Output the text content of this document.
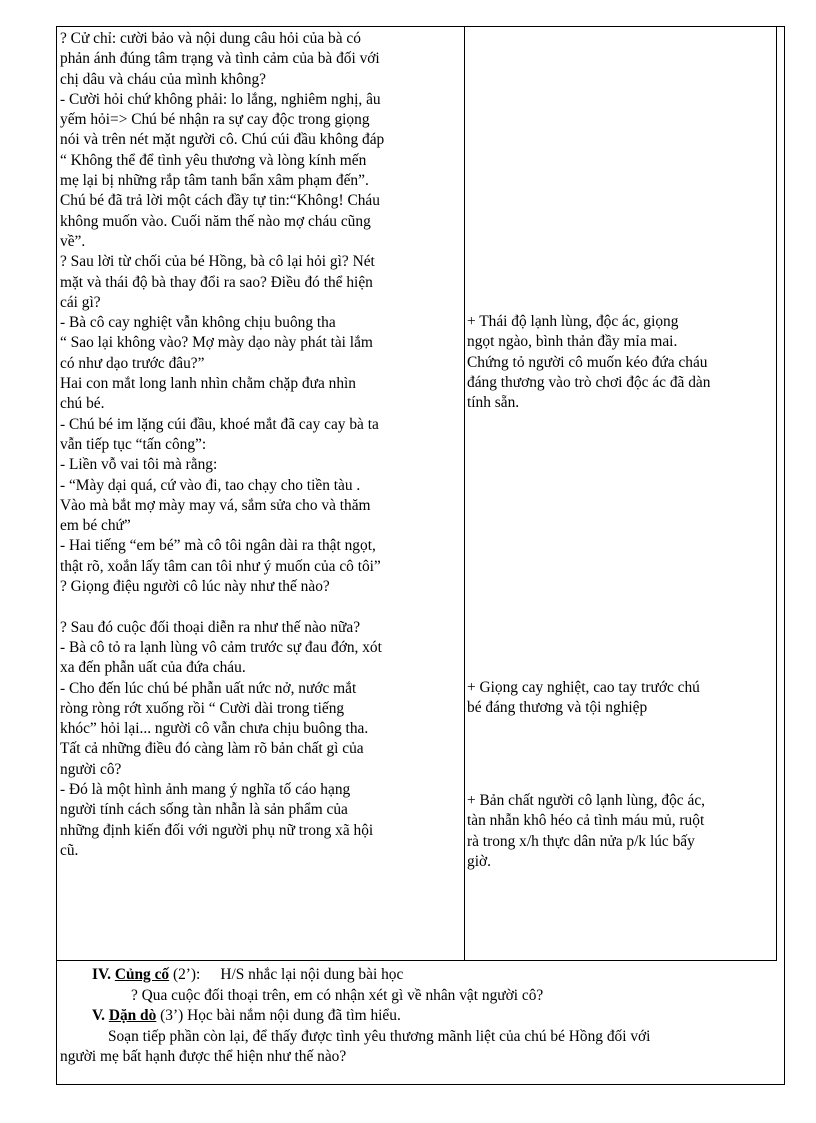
? Cử chỉ: cười bảo và nội dung câu hỏi của bà có

phản ánh đúng tâm trạng và tình cảm của bà đối với

chị dâu và cháu của mình không?

- Cười hỏi chứ không phải: lo lắng, nghiêm nghị, âu

yếm hỏi=> Chú bé nhận ra sự cay độc trong giọng

nói và trên nét mặt người cô. Chú cúi đầu không đáp

“ Không thể để tình yêu thương và lòng kính mến

mẹ lại bị những rắp tâm tanh bẩn xâm phạm đến”.

Chú bé đã trả lời một cách đầy tự tin:“Không! Cháu

không muốn vào. Cuối năm thế nào mợ cháu cũng

về”.

? Sau lời từ chối của bé Hồng, bà cô lại hỏi gì? Nét

mặt và thái độ bà thay đổi ra sao? Điều đó thể hiện

cái gì?

- Bà cô cay nghiệt vẫn không chịu buông tha

“ Sao lại không vào? Mợ mày dạo này phát tài lắm

có như dạo trước đâu?”

Hai con mắt long lanh nhìn chằm chặp đưa nhìn

chú bé.

- Chú bé im lặng cúi đầu, khoé mắt đã cay cay bà ta

vẫn tiếp tục “tấn công”:

- Liền vỗ vai tôi mà rằng:

- “Mày dại quá, cứ vào đi, tao chạy cho tiền tàu .

Vào mà bắt mợ mày may vá, sắm sửa cho và thăm

em bé chứ”

- Hai tiếng “em bé” mà cô tôi ngân dài ra thật ngọt,

thật rõ, xoắn lấy tâm can tôi như ý muốn của cô tôi”

? Giọng điệu người cô lúc này như thế nào?

? Sau đó cuộc đối thoại diễn ra như thế nào nữa?

- Bà cô tỏ ra lạnh lùng vô cảm trước sự đau đớn, xót

xa đến phẫn uất của đứa cháu.

- Cho đến lúc chú bé phẫn uất nức nở, nước mắt

ròng ròng rớt xuống rồi “ Cười dài trong tiếng

khóc” hỏi lại... người cô vẫn chưa chịu buông tha.

Tất cả những điều đó càng làm rõ bản chất gì của

người cô?

- Đó là một hình ảnh mang ý nghĩa tố cáo hạng

người tính cách sống tàn nhẫn là sản phẩm của

những định kiến đối với người phụ nữ trong xã hội

cũ.

+ Thái độ lạnh lùng, độc ác, giọng

ngọt ngào, bình thản đầy mỉa mai.

Chứng tỏ người cô muốn kéo đứa cháu

đáng thương vào trò chơi độc ác đã dàn

tính sẵn.

+ Giọng cay nghiệt, cao tay trước chú

bé đáng thương và tội nghiệp

+ Bản chất người cô lạnh lùng, độc ác,

tàn nhẫn khô héo cả tình máu mủ, ruột

rà trong x/h thực dân nửa p/k lúc bấy

giờ.

IV. Củng cố (2’): H/S nhắc lại nội dung bài học

? Qua cuộc đối thoại trên, em có nhận xét gì về nhân vật người cô?

V. Dặn dò (3’) Học bài nắm nội dung đã tìm hiểu.

Soạn tiếp phần còn lại, để thấy được tình yêu thương mãnh liệt của chú bé Hồng đối với

người mẹ bất hạnh được thể hiện như thế nào?
